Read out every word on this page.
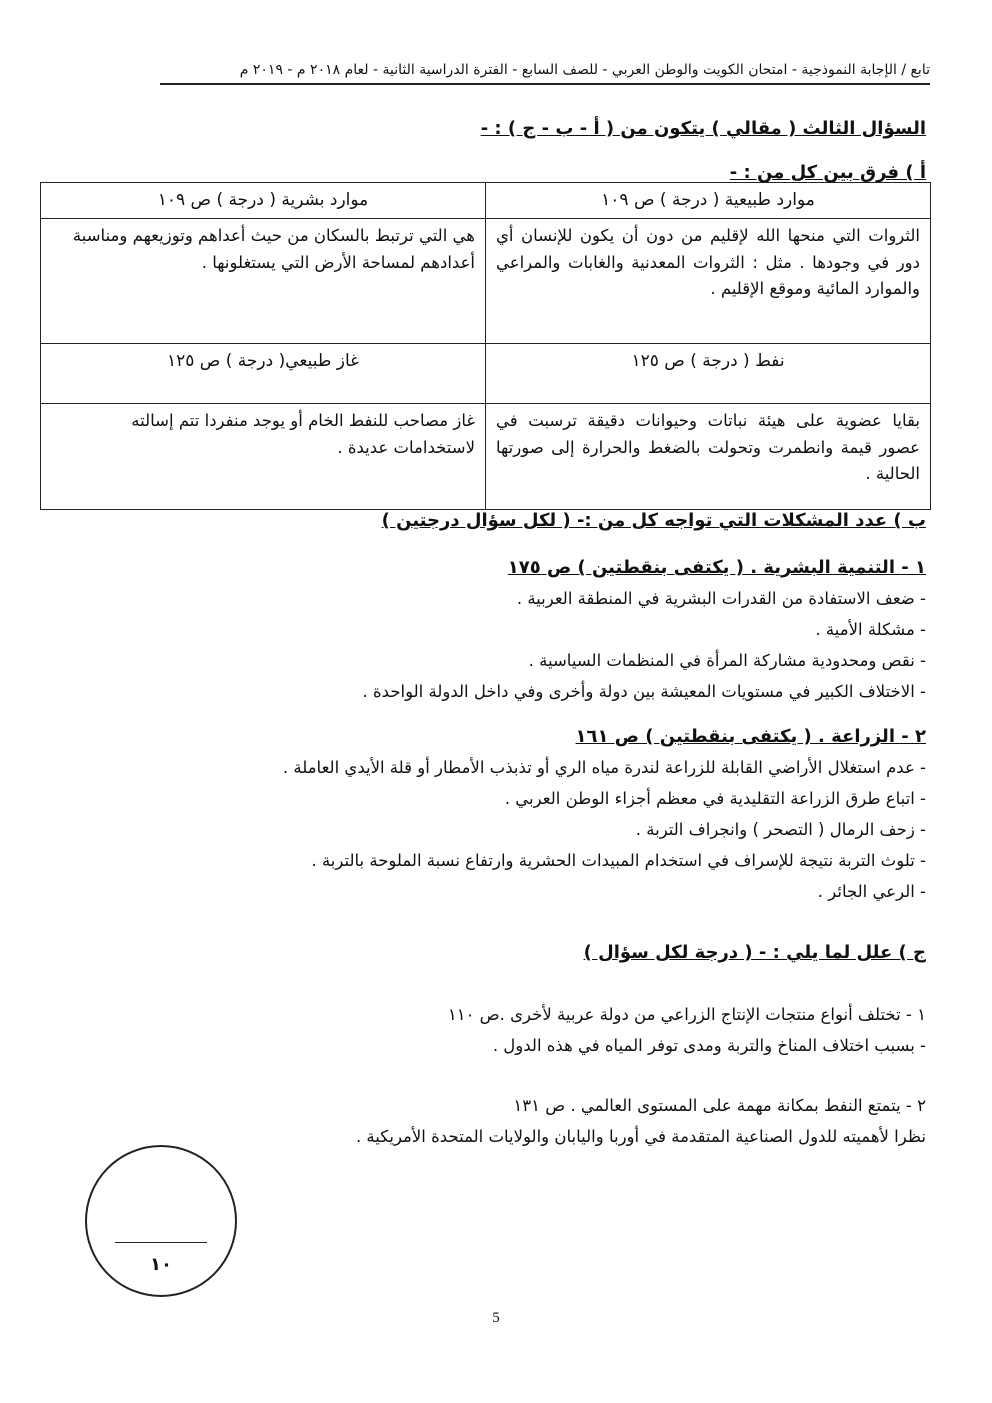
تابع / الإجابة النموذجية - امتحان الكويت والوطن العربي - للصف السابع - الفترة الدراسية الثانية - لعام ٢٠١٨ م - ٢٠١٩ م
السؤال الثالث ( مقالي ) يتكون من ( أ - ب - ج ) : -
أ ) فرق بين كل من : -
موارد طبيعية ( درجة ) ص ١٠٩	موارد بشرية ( درجة ) ص ١٠٩
الثروات التي منحها الله لإقليم من دون أن يكون للإنسان أي دور في وجودها . مثل : الثروات المعدنية والغابات والمراعي والموارد المائية وموقع الإقليم .	هي التي ترتبط بالسكان من حيث أعداهم وتوزيعهم ومناسبة أعدادهم لمساحة الأرض التي يستغلونها .
نفط ( درجة ) ص ١٢٥	غاز طبيعي( درجة ) ص ١٢٥
بقايا عضوية على هيئة نباتات وحيوانات دقيقة ترسبت في عصور قيمة وانطمرت وتحولت بالضغط والحرارة إلى صورتها الحالية .	غاز مصاحب للنفط الخام أو يوجد منفردا تتم إسالته لاستخدامات عديدة .
ب ) عدد المشكلات التي تواجه كل من :- ( لكل سؤال درجتين )
١ - التنمية البشرية . ( يكتفى بنقطتين ) ص ١٧٥
- ضعف الاستفادة من القدرات البشرية في المنطقة العربية .
- مشكلة الأمية .
- نقص ومحدودية مشاركة المرأة في المنظمات السياسية .
- الاختلاف الكبير في مستويات المعيشة بين دولة وأخرى وفي داخل الدولة الواحدة .
٢ - الزراعة . ( يكتفى بنقطتين ) ص ١٦١
- عدم استغلال الأراضي القابلة للزراعة لندرة مياه الري أو تذبذب الأمطار أو قلة الأيدي العاملة .
- اتباع طرق الزراعة التقليدية في معظم أجزاء الوطن العربي .
- زحف الرمال ( التصحر ) وانجراف التربة .
- تلوث التربة نتيجة للإسراف في استخدام المبيدات الحشرية وارتفاع نسبة الملوحة بالتربة .
- الرعي الجائر .
ج ) علل لما يلي : - ( درجة لكل سؤال )
١ - تختلف أنواع منتجات الإنتاج الزراعي من دولة عربية لأخرى .ص ١١٠
- بسبب اختلاف المناخ والتربة ومدى توفر المياه في هذه الدول .
٢ - يتمتع النفط بمكانة مهمة على المستوى العالمي . ص ١٣١
نظرا لأهميته للدول الصناعية المتقدمة في أوربا واليابان والولايات المتحدة الأمريكية .
١٠
5
